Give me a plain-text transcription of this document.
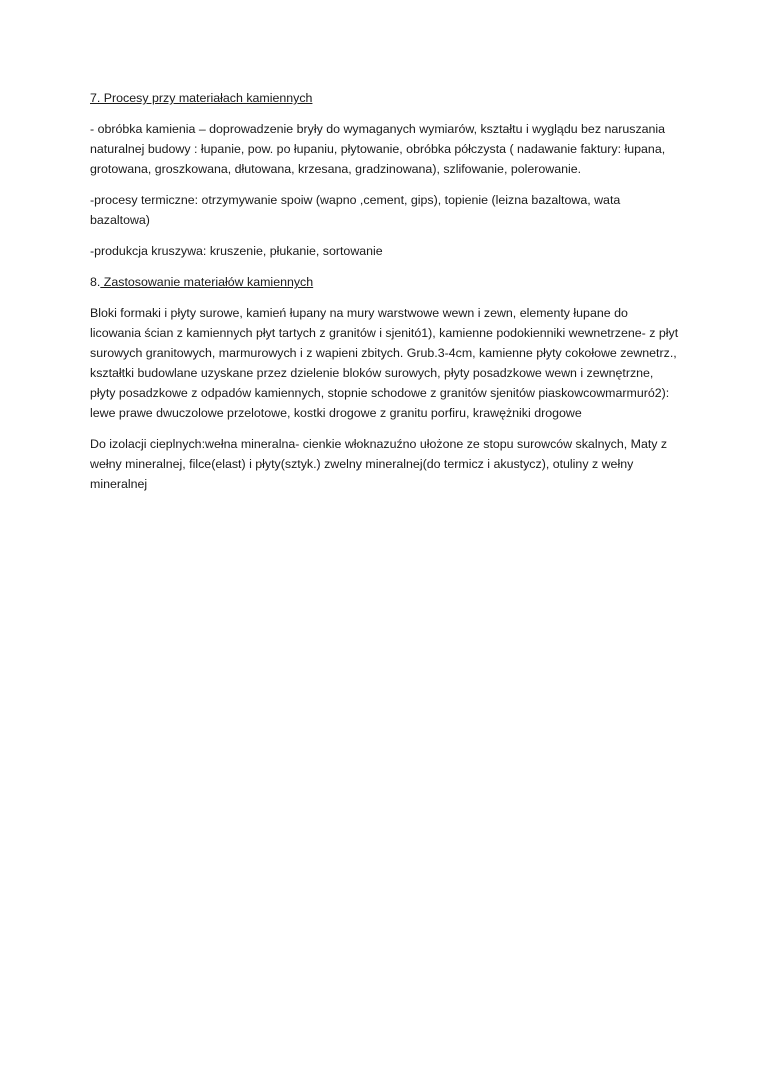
7. Procesy przy materiałach kamiennych

- obróbka kamienia – doprowadzenie bryły do wymaganych wymiarów, kształtu i wyglądu bez naruszania naturalnej budowy : łupanie, pow. po łupaniu, płytowanie, obróbka półczysta ( nadawanie faktury: łupana, grotowana, groszkowana, dłutowana, krzesana, gradzinowana), szlifowanie, polerowanie.

-procesy termiczne: otrzymywanie spoiw (wapno ,cement, gips), topienie (leizna bazaltowa, wata bazaltowa)

-produkcja kruszywa: kruszenie, płukanie, sortowanie

8. Zastosowanie materiałów kamiennych

Bloki formaki i płyty surowe, kamień łupany na mury warstwowe wewn i zewn, elementy łupane do licowania ścian z kamiennych płyt tartych z granitów i sjenitó1), kamienne podokienniki wewnetrzene- z płyt surowych granitowych, marmurowych i z wapieni zbitych. Grub.3-4cm, kamienne płyty cokołowe zewnetrz., kształtki budowlane uzyskane przez dzielenie bloków surowych, płyty posadzkowe wewn i zewnętrzne, płyty posadzkowe z odpadów kamiennych, stopnie schodowe z granitów sjenitów piaskowcowmarmuró2): lewe prawe dwuczolowe przelotowe, kostki drogowe z granitu porfiru, krawężniki drogowe

Do izolacji cieplnych:wełna mineralna- cienkie włoknazuźno ułożone ze stopu surowców skalnych, Maty z wełny mineralnej, filce(elast) i płyty(sztyk.) zwelny mineralnej(do termicz i akustycz), otuliny z wełny mineralnej
